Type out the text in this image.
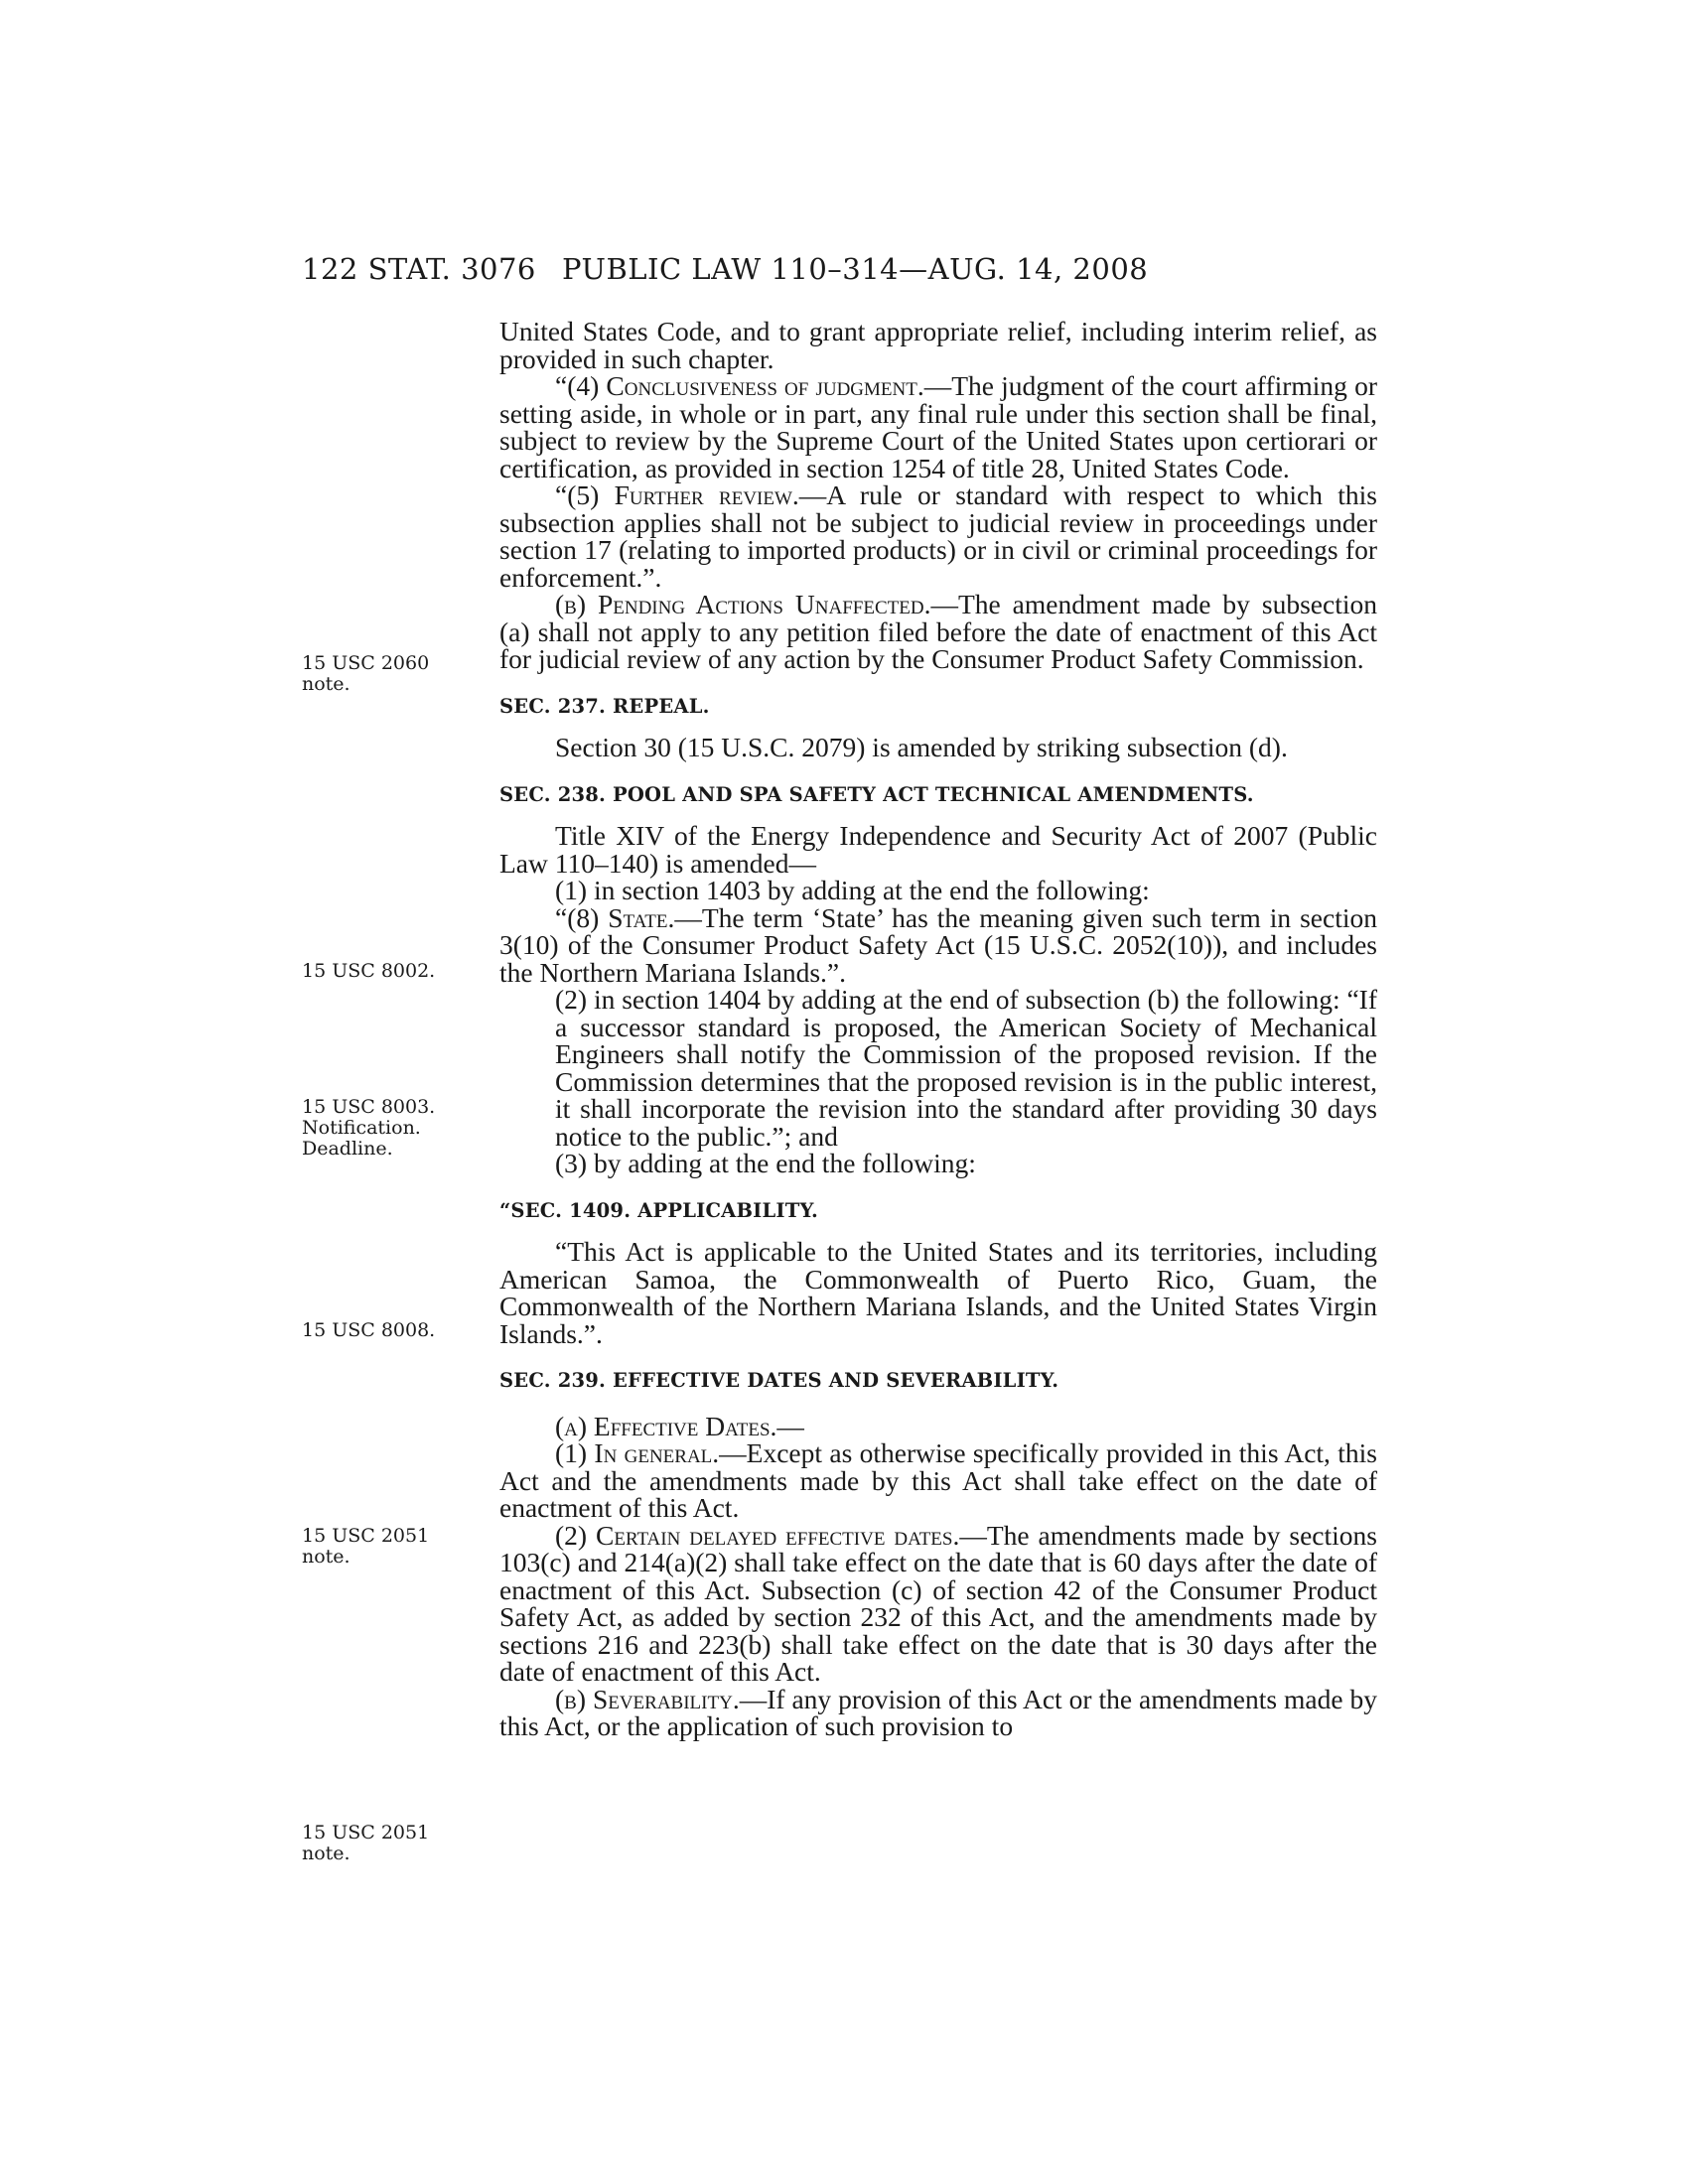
122 STAT. 3076 PUBLIC LAW 110–314—AUG. 14, 2008
15 USC 2060
note.
15 USC 8002.
15 USC 8003.
Notification.
Deadline.
15 USC 8008.
15 USC 2051
note.
15 USC 2051
note.

United States Code, and to grant appropriate relief, including interim relief, as provided in such chapter.

“(4) Conclusiveness of judgment.—The judgment of the court affirming or setting aside, in whole or in part, any final rule under this section shall be final, subject to review by the Supreme Court of the United States upon certiorari or certification, as provided in section 1254 of title 28, United States Code.

“(5) Further review.—A rule or standard with respect to which this subsection applies shall not be subject to judicial review in proceedings under section 17 (relating to imported products) or in civil or criminal proceedings for enforcement.”.

(b) Pending Actions Unaffected.—The amendment made by subsection (a) shall not apply to any petition filed before the date of enactment of this Act for judicial review of any action by the Consumer Product Safety Commission.

SEC. 237. REPEAL.

Section 30 (15 U.S.C. 2079) is amended by striking subsection (d).

SEC. 238. POOL AND SPA SAFETY ACT TECHNICAL AMENDMENTS.

Title XIV of the Energy Independence and Security Act of 2007 (Public Law 110–140) is amended—

(1) in section 1403 by adding at the end the following:

“(8) State.—The term ‘State’ has the meaning given such term in section 3(10) of the Consumer Product Safety Act (15 U.S.C. 2052(10)), and includes the Northern Mariana Islands.”.

(2) in section 1404 by adding at the end of subsection (b) the following: “If a successor standard is proposed, the American Society of Mechanical Engineers shall notify the Commission of the proposed revision. If the Commission determines that the proposed revision is in the public interest, it shall incorporate the revision into the standard after providing 30 days notice to the public.”; and

(3) by adding at the end the following:

“SEC. 1409. APPLICABILITY.

“This Act is applicable to the United States and its territories, including American Samoa, the Commonwealth of Puerto Rico, Guam, the Commonwealth of the Northern Mariana Islands, and the United States Virgin Islands.”.

SEC. 239. EFFECTIVE DATES AND SEVERABILITY.

(a) Effective Dates.—

(1) In general.—Except as otherwise specifically provided in this Act, this Act and the amendments made by this Act shall take effect on the date of enactment of this Act.

(2) Certain delayed effective dates.—The amendments made by sections 103(c) and 214(a)(2) shall take effect on the date that is 60 days after the date of enactment of this Act. Subsection (c) of section 42 of the Consumer Product Safety Act, as added by section 232 of this Act, and the amendments made by sections 216 and 223(b) shall take effect on the date that is 30 days after the date of enactment of this Act.

(b) Severability.—If any provision of this Act or the amendments made by this Act, or the application of such provision to
